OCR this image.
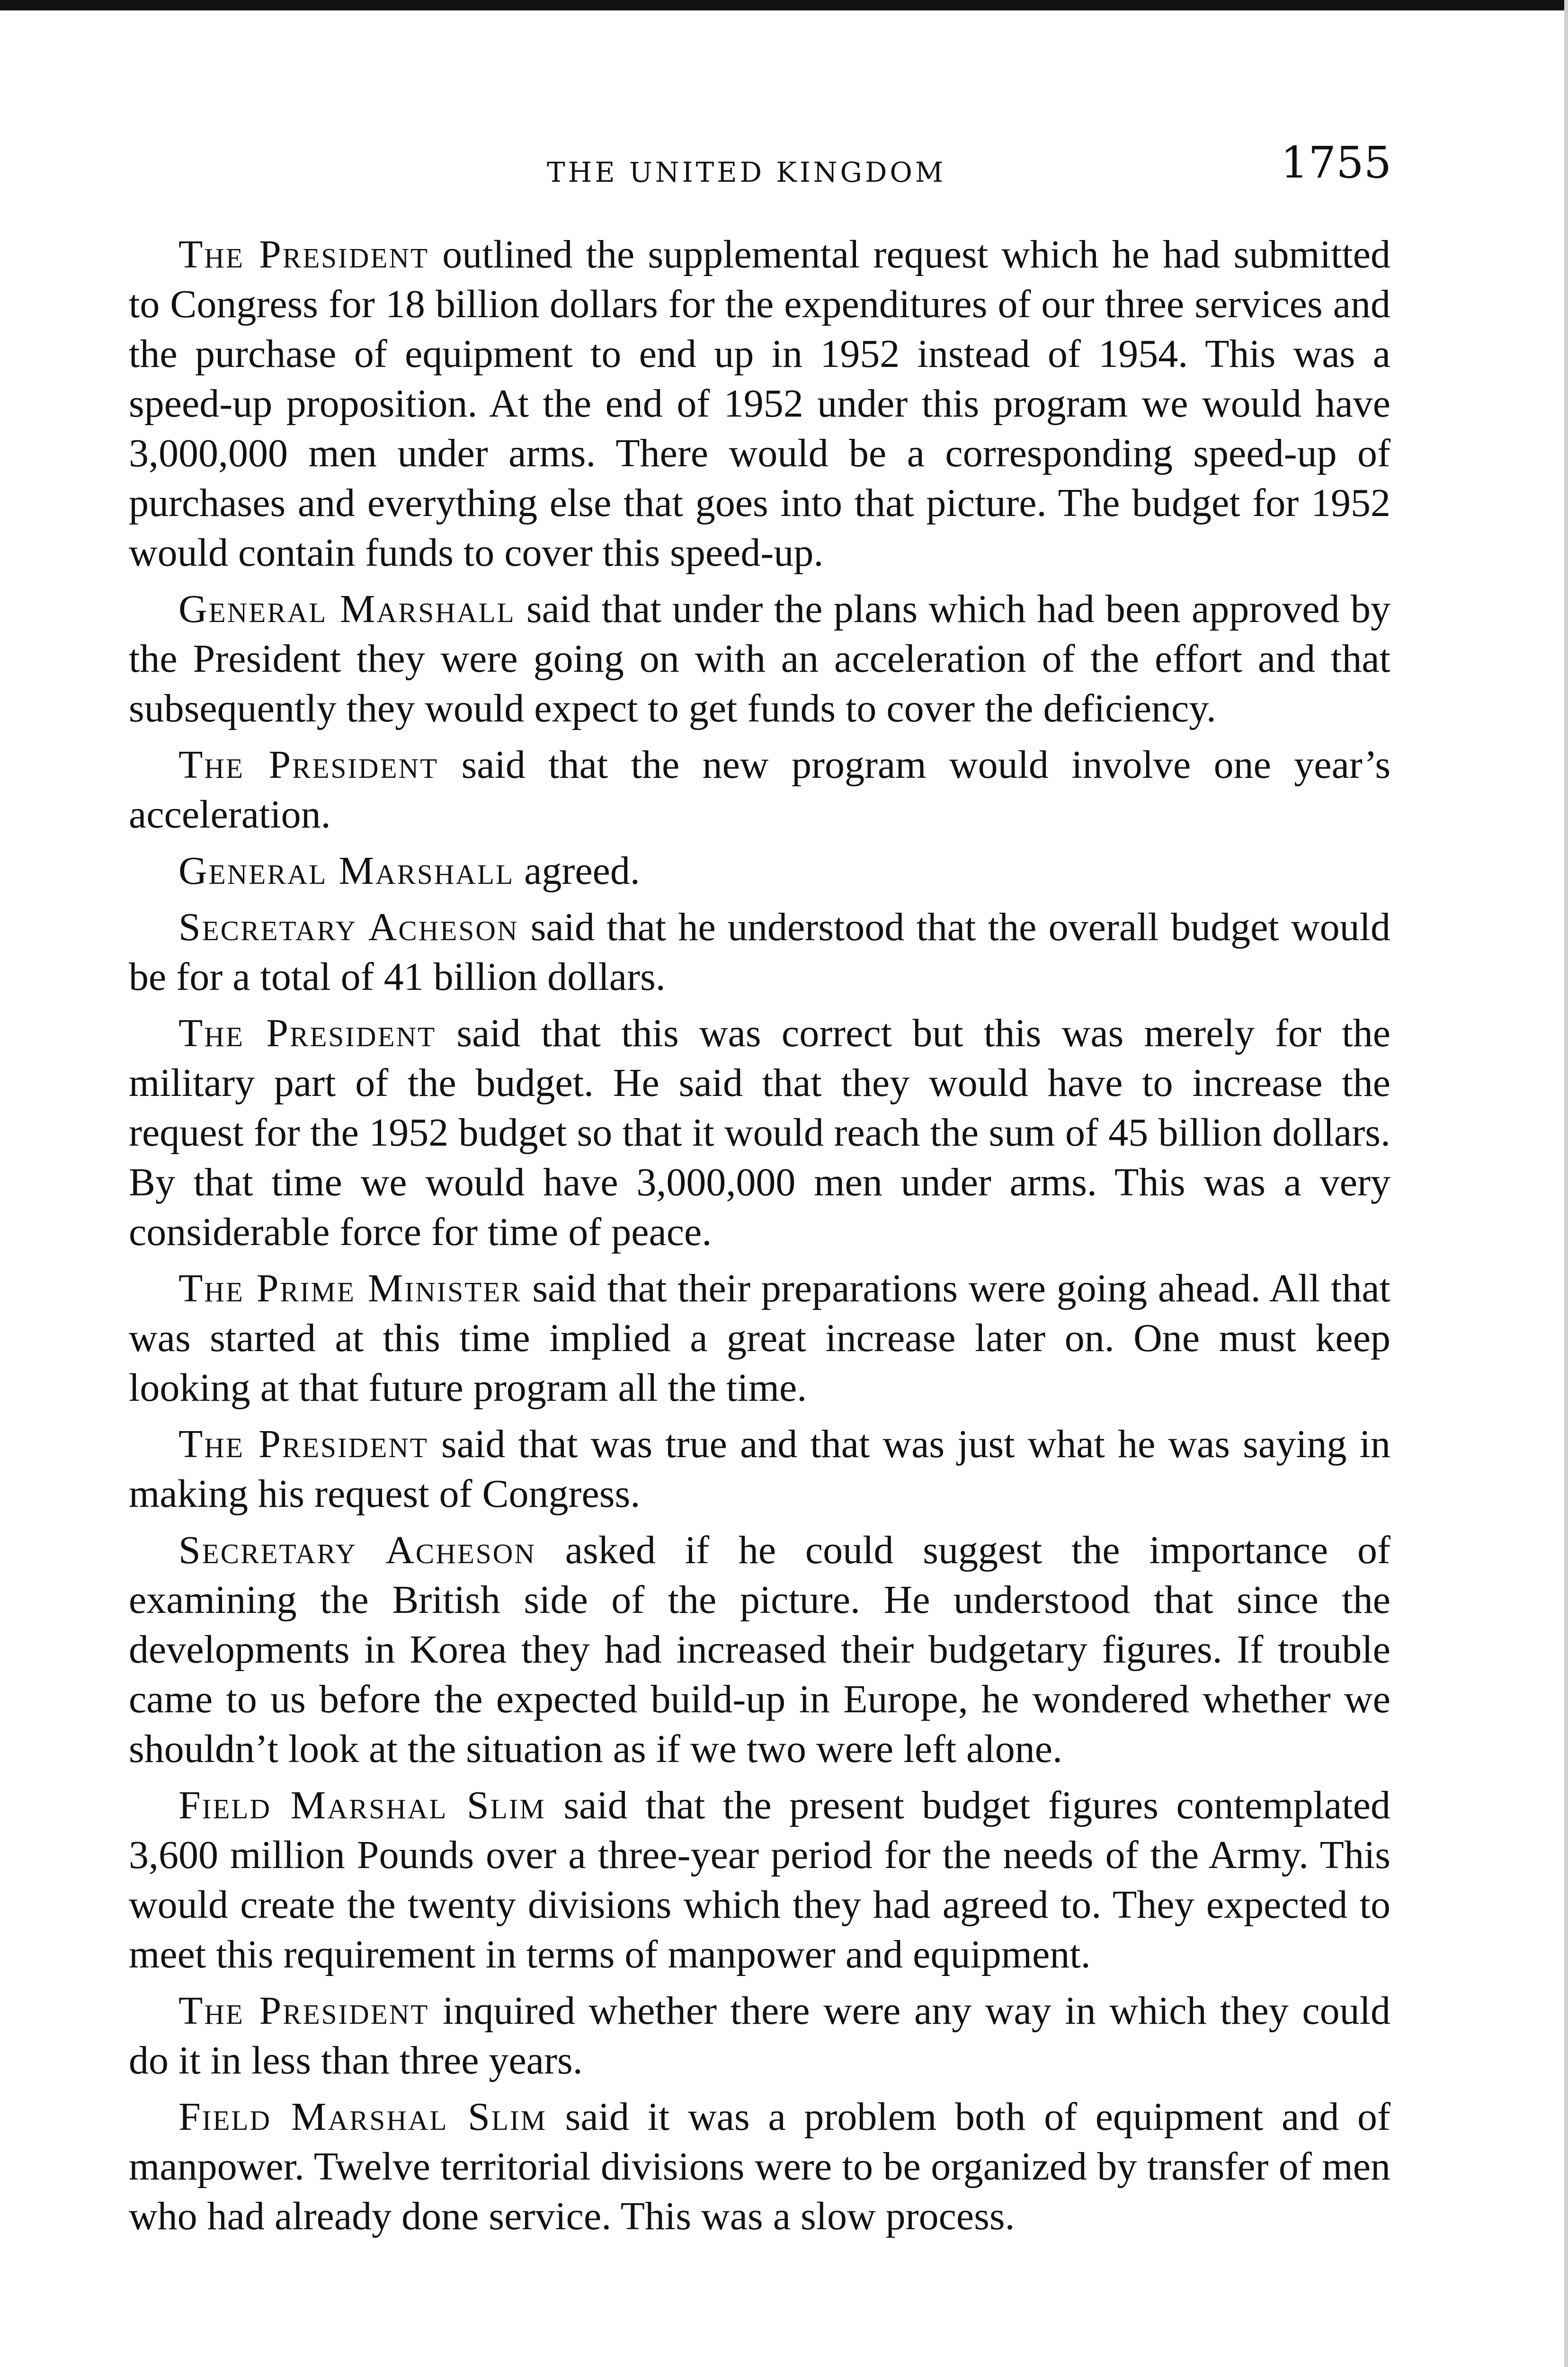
THE UNITED KINGDOM	1755

The President outlined the supplemental request which he had submitted to Congress for 18 billion dollars for the expenditures of our three services and the purchase of equipment to end up in 1952 instead of 1954. This was a speed-up proposition. At the end of 1952 under this program we would have 3,000,000 men under arms. There would be a corresponding speed-up of purchases and everything else that goes into that picture. The budget for 1952 would contain funds to cover this speed-up.

General Marshall said that under the plans which had been approved by the President they were going on with an acceleration of the effort and that subsequently they would expect to get funds to cover the deficiency.

The President said that the new program would involve one year’s acceleration.

General Marshall agreed.

Secretary Acheson said that he understood that the overall budget would be for a total of 41 billion dollars.

The President said that this was correct but this was merely for the military part of the budget. He said that they would have to increase the request for the 1952 budget so that it would reach the sum of 45 billion dollars. By that time we would have 3,000,000 men under arms. This was a very considerable force for time of peace.

The Prime Minister said that their preparations were going ahead. All that was started at this time implied a great increase later on. One must keep looking at that future program all the time.

The President said that was true and that was just what he was saying in making his request of Congress.

Secretary Acheson asked if he could suggest the importance of examining the British side of the picture. He understood that since the developments in Korea they had increased their budgetary figures. If trouble came to us before the expected build-up in Europe, he wondered whether we shouldn’t look at the situation as if we two were left alone.

Field Marshal Slim said that the present budget figures contemplated 3,600 million Pounds over a three-year period for the needs of the Army. This would create the twenty divisions which they had agreed to. They expected to meet this requirement in terms of manpower and equipment.

The President inquired whether there were any way in which they could do it in less than three years.

Field Marshal Slim said it was a problem both of equipment and of manpower. Twelve territorial divisions were to be organized by transfer of men who had already done service. This was a slow process.
